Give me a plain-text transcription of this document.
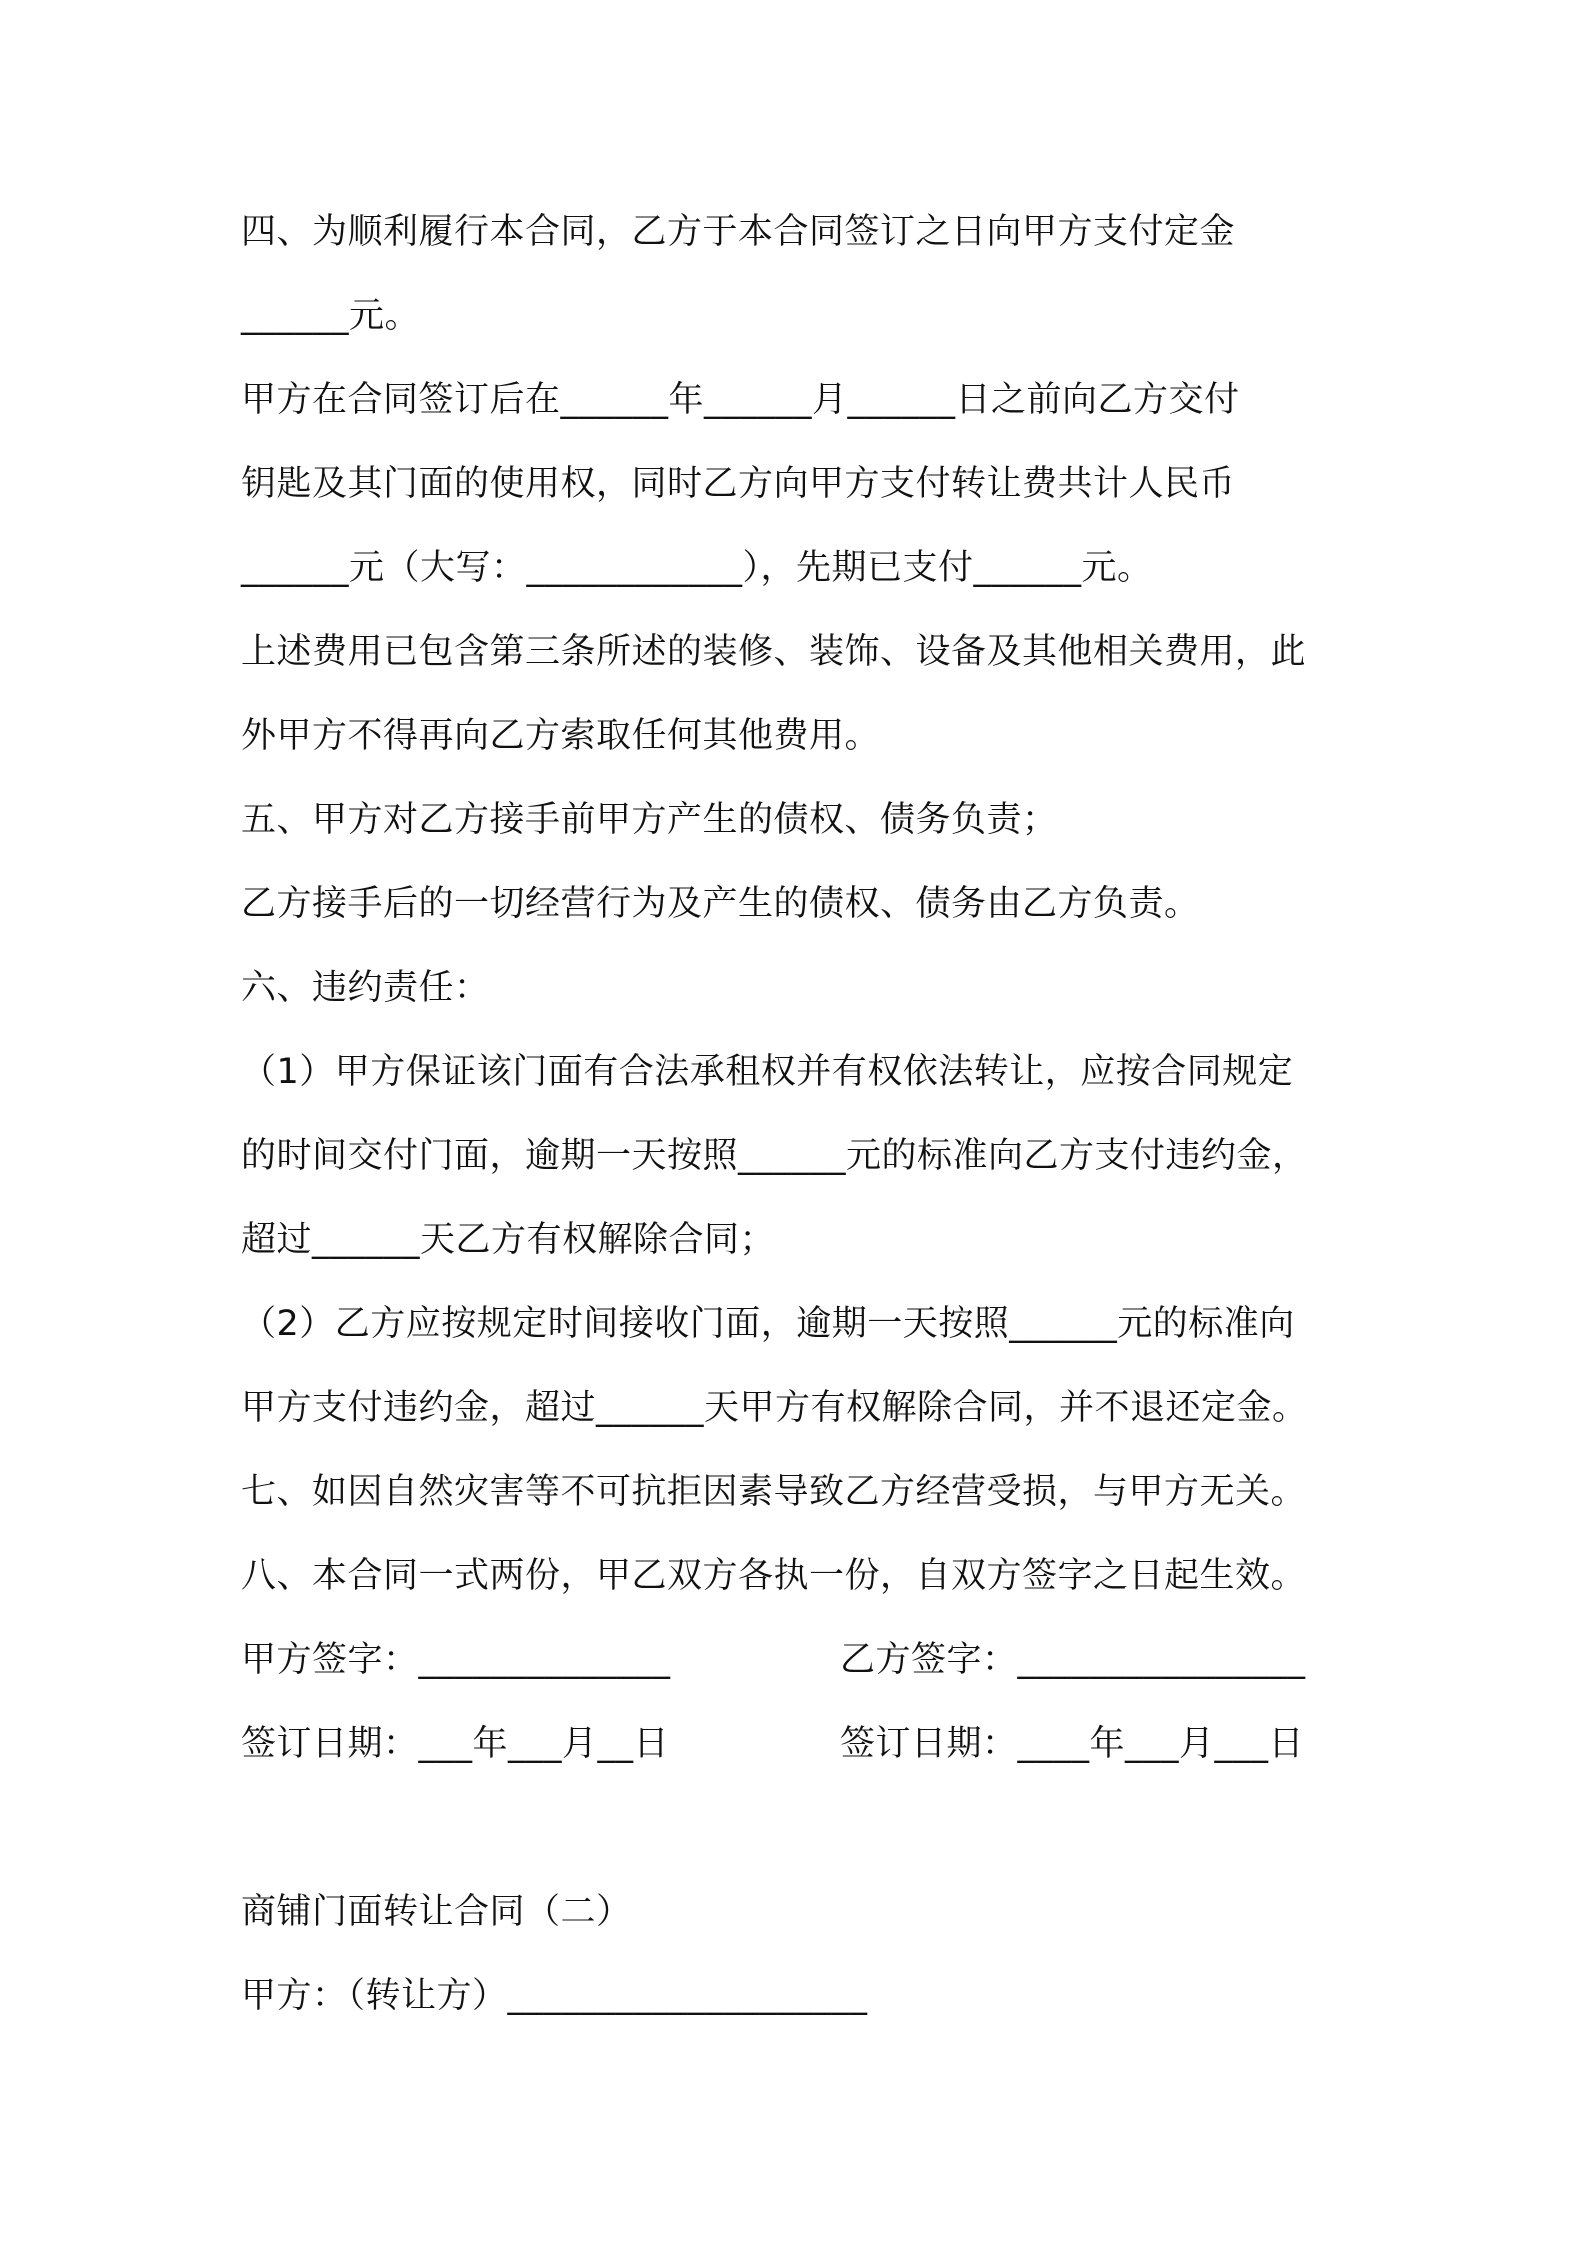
四、为顺利履行本合同，乙方于本合同签订之日向甲方支付定金
______元。
甲方在合同签订后在______年______月______日之前向乙方交付
钥匙及其门面的使用权，同时乙方向甲方支付转让费共计人民币
______元（大写：____________），先期已支付______元。
上述费用已包含第三条所述的装修、装饰、设备及其他相关费用，此
外甲方不得再向乙方索取任何其他费用。
五、甲方对乙方接手前甲方产生的债权、债务负责；
乙方接手后的一切经营行为及产生的债权、债务由乙方负责。
六、违约责任：
（1）甲方保证该门面有合法承租权并有权依法转让，应按合同规定
的时间交付门面，逾期一天按照______元的标准向乙方支付违约金，
超过______天乙方有权解除合同；
（2）乙方应按规定时间接收门面，逾期一天按照______元的标准向
甲方支付违约金，超过______天甲方有权解除合同，并不退还定金。
七、如因自然灾害等不可抗拒因素导致乙方经营受损，与甲方无关。
八、本合同一式两份，甲乙双方各执一份，自双方签字之日起生效。
甲方签字：______________	乙方签字：________________
签订日期：___年___月__日	签订日期：____年___月___日
商铺门面转让合同（二）
甲方：（转让方）____________________
